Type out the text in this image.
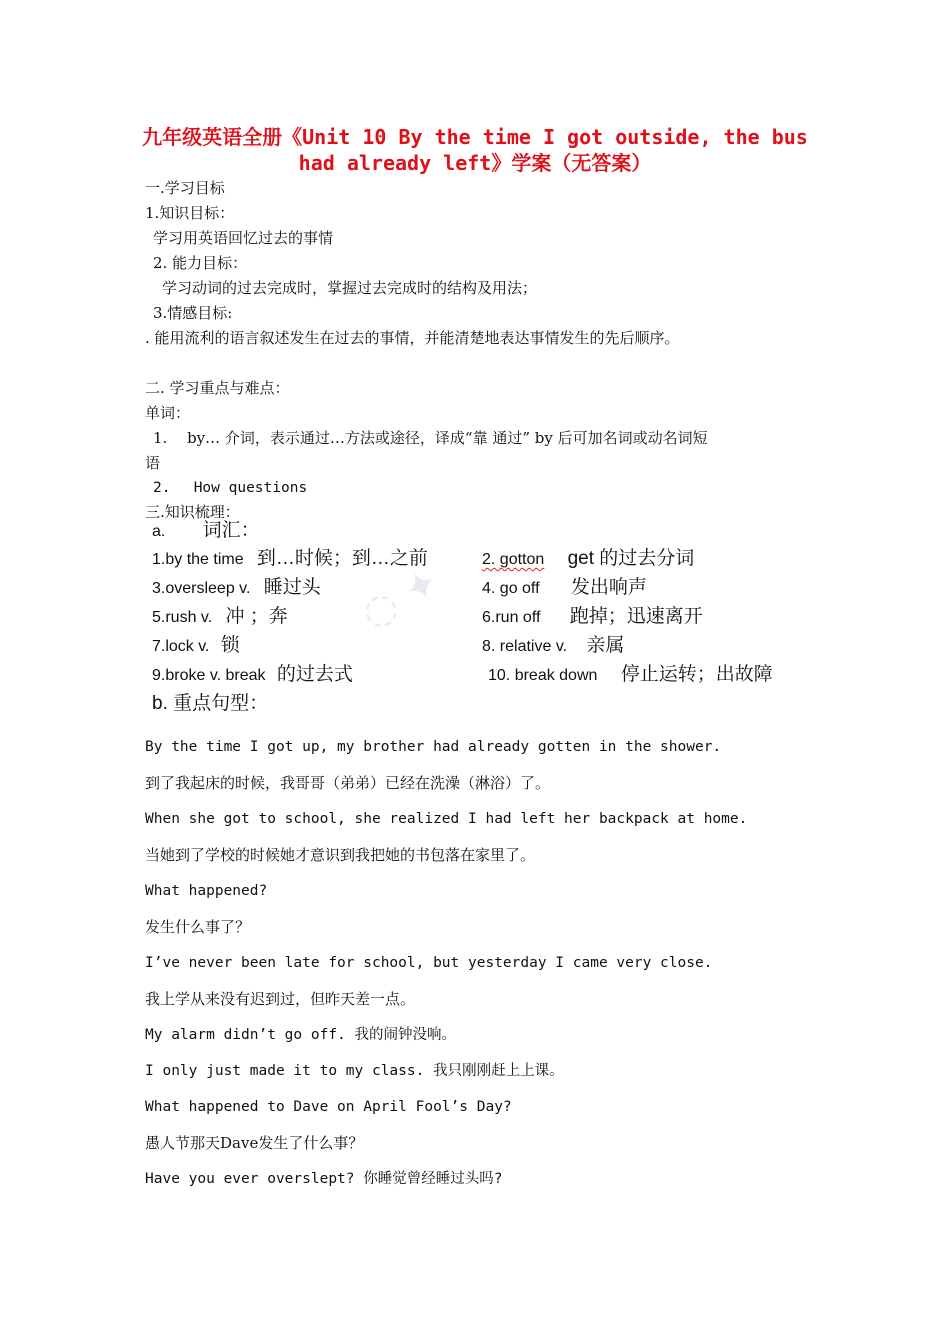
九年级英语全册《Unit 10 By the time I got outside, the bus
had already left》学案（无答案）
一.学习目标
1.知识目标：
学习用英语回忆过去的事情
2. 能力目标：
学习动词的过去完成时，掌握过去完成时的结构及用法；
3.情感目标:
. 能用流利的语言叙述发生在过去的事情，并能清楚地表达事情发生的先后顺序。
二. 学习重点与难点：
单词：
1.　 by… 介词，表示通过…方法或途径，译成“靠 通过” by 后可加名词或动名词短
语
2.　 How questions
三.知识梳理：
◌ ✦
a. 词汇：
1.by the time 到…时候；到…之前	2. gotton get 的过去分词
3.oversleep v. 睡过头	4. go off 发出响声
5.rush v. 冲 ；奔	6.run off 跑掉；迅速离开
7.lock v. 锁	8. relative v. 亲属
9.broke v. break 的过去式	10. break down 停止运转；出故障
b. 重点句型：
By the time I got up, my brother had already gotten in the shower.
到了我起床的时候，我哥哥（弟弟）已经在洗澡（淋浴）了。
When she got to school, she realized I had left her backpack at home.
当她到了学校的时候她才意识到我把她的书包落在家里了。
What happened?
发生什么事了？
I’ve never been late for school, but yesterday I came very close.
我上学从来没有迟到过，但昨天差一点。
My alarm didn’t go off. 我的闹钟没响。
I only just made it to my class. 我只刚刚赶上上课。
What happened to Dave on April Fool’s Day?
愚人节那天Dave发生了什么事？
Have you ever overslept? 你睡觉曾经睡过头吗?
